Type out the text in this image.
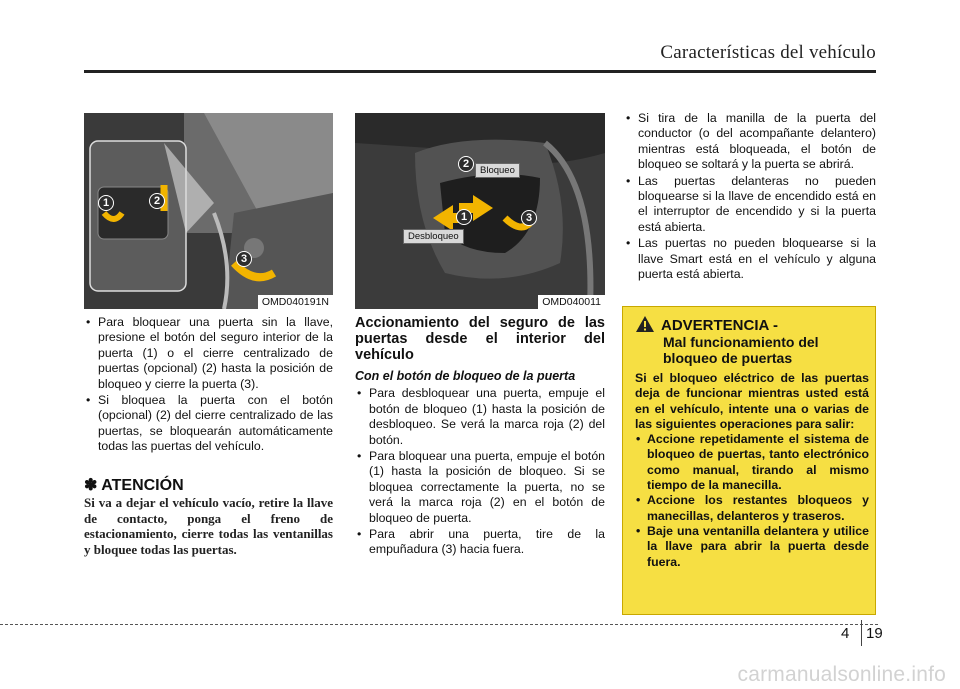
Características del vehículo
1	2
3
OMD040191N
2
1	3
Bloqueo
Desbloqueo
OMD040011
• Para bloquear una puerta sin la llave, presione el botón del seguro interior de la puerta (1) o el cierre centralizado de puertas (opcional) (2) hasta la posición de bloqueo y cierre la puerta (3).
• Si bloquea la puerta con el botón (opcional) (2) del cierre centralizado de las puertas, se bloquearán automáticamente todas las puertas del vehículo.
✽ ATENCIÓN
Si va a dejar el vehículo vacío, retire la llave de contacto, ponga el freno de estacionamiento, cierre todas las ventanillas y bloquee todas las puertas.
Accionamiento del seguro de las puertas desde el interior del vehículo
Con el botón de bloqueo de la puerta
• Para desbloquear una puerta, empuje el botón de bloqueo (1) hasta la posición de desbloqueo. Se verá la marca roja (2) del botón.
• Para bloquear una puerta, empuje el botón (1) hasta la posición de bloqueo. Si se bloquea correctamente la puerta, no se verá la marca roja (2) en el botón de bloqueo de puerta.
• Para abrir una puerta, tire de la empuñadura (3) hacia fuera.
• Si tira de la manilla de la puerta del conductor (o del acompañante delantero) mientras está bloqueada, el botón de bloqueo se soltará y la puerta se abrirá.
• Las puertas delanteras no pueden bloquearse si la llave de encendido está en el interruptor de encendido y si la puerta está abierta.
• Las puertas no pueden bloquearse si la llave Smart está en el vehículo y alguna puerta está abierta.
ADVERTENCIA -
Mal funcionamiento del bloqueo de puertas
Si el bloqueo eléctrico de las puertas deja de funcionar mientras usted está en el vehículo, intente una o varias de las siguientes operaciones para salir:
• Accione repetidamente el sistema de bloqueo de puertas, tanto electrónico como manual, tirando al mismo tiempo de la manecilla.
• Accione los restantes bloqueos y manecillas, delanteros y traseros.
• Baje una ventanilla delantera y utilice la llave para abrir la puerta desde fuera.
4 19
carmanualsonline.info
